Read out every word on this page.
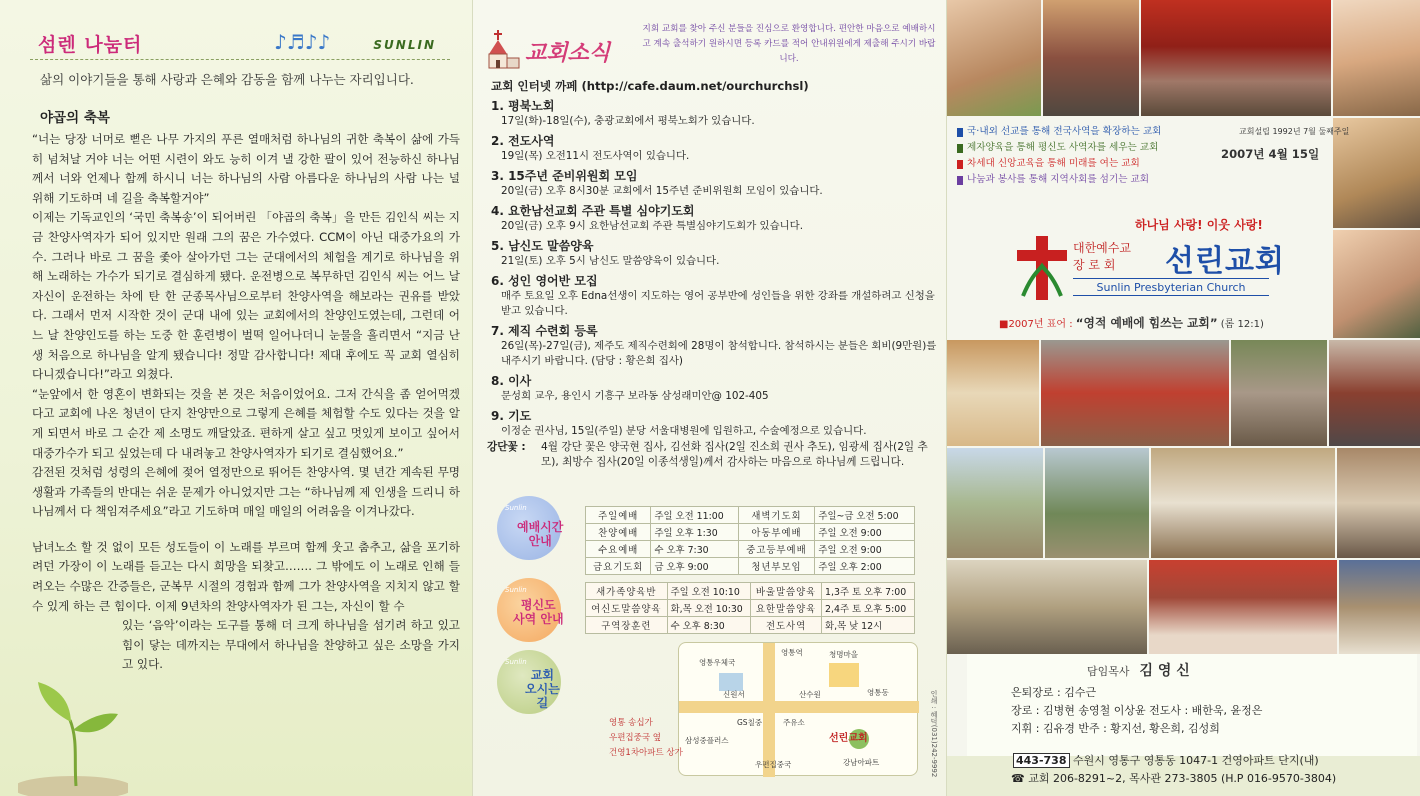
섬렌 나눔터	♪♬♪♪	SUNLIN
삶의 이야기들을 통해 사랑과 은혜와 감동을 함께 나누는 자리입니다.
야곱의 축복

“너는 당장 너머로 뻗은 나무 가지의 푸른 열매처럼 하나님의 귀한 축복이 삶에 가득히 넘쳐날 거야 너는 어떤 시련이 와도 능히 이겨 낼 강한 팔이 있어 전능하신 하나님께서 너와 언제나 함께 하시니 너는 하나님의 사람 아름다운 하나님의 사람 나는 널 위해 기도하며 네 길을 축복할거야”

이제는 기독교인의 ‘국민 축복송’이 되어버린 「야곱의 축복」을 만든 김인식 씨는 지금 찬양사역자가 되어 있지만 원래 그의 꿈은 가수였다. CCM이 아닌 대중가요의 가수. 그러나 바로 그 꿈을 좇아 살아가던 그는 군대에서의 체험을 계기로 하나님을 위해 노래하는 가수가 되기로 결심하게 됐다. 운전병으로 복무하던 김인식 씨는 어느 날 자신이 운전하는 차에 탄 한 군종목사님으로부터 찬양사역을 해보라는 권유를 받았다. 그래서 먼저 시작한 것이 군대 내에 있는 교회에서의 찬양인도였는데, 그런데 어느 날 찬양인도를 하는 도중 한 훈련병이 벌떡 일어나더니 눈물을 흘리면서 “지금 난생 처음으로 하나님을 알게 됐습니다! 정말 감사합니다! 제대 후에도 꼭 교회 열심히 다니겠습니다!”라고 외쳤다.

“눈앞에서 한 영혼이 변화되는 것을 본 것은 처음이었어요. 그저 간식을 좀 얻어먹겠다고 교회에 나온 청년이 단지 찬양만으로 그렇게 은혜를 체험할 수도 있다는 것을 알게 되면서 바로 그 순간 제 소명도 깨달았죠. 편하게 살고 싶고 멋있게 보이고 싶어서 대중가수가 되고 싶었는데 다 내려놓고 찬양사역자가 되기로 결심했어요.”

감전된 것처럼 성령의 은혜에 젖어 열정만으로 뛰어든 찬양사역. 몇 년간 계속된 무명생활과 가족들의 반대는 쉬운 문제가 아니었지만 그는 “하나님께 제 인생을 드리니 하나님께서 다 책임져주세요”라고 기도하며 매일 매일의 어려움을 이겨나갔다.

남녀노소 할 것 없이 모든 성도들이 이 노래를 부르며 함께 웃고 춤추고, 삶을 포기하려던 가장이 이 노래를 듣고는 다시 희망을 되찾고……. 그 밖에도 이 노래로 인해 들려오는 수많은 간증들은, 군복무 시절의 경험과 함께 그가 찬양사역을 지치지 않고 할 수 있게 하는 큰 힘이다. 이제 9년차의 찬양사역자가 된 그는, 자신이 할 수

있는 ‘음악’이라는 도구를 통해 더 크게 하나님을 섬기려 하고 있고 힘이 닿는 데까지는 무대에서 하나님을 찬양하고 싶은 소망을 가지고 있다.

교회소식
지회 교회를 찾아 주신 분들을 진심으로 환영합니다. 편안한 마음으로 예배하시고 계속 출석하기 원하시면 등록 카드를 적어 안내위원에게 제출해 주시기 바랍니다.
교회 인터넷 까페 (http://cafe.daum.net/ourchurchsl)
1. 평북노회
17일(화)-18일(수), 충광교회에서 평북노회가 있습니다.
2. 전도사역
19일(목) 오전11시 전도사역이 있습니다.
3. 15주년 준비위원회 모임
20일(금) 오후 8시30분 교회에서 15주년 준비위원회 모임이 있습니다.
4. 요한남선교회 주관 특별 심야기도회
20일(금) 오후 9시 요한남선교회 주관 특별심야기도회가 있습니다.
5. 남신도 말씀양육
21일(토) 오후 5시 남신도 말씀양육이 있습니다.
6. 성인 영어반 모집
매주 토요일 오후 Edna선생이 지도하는 영어 공부반에 성인들을 위한 강좌를 개설하려고 신청을 받고 있습니다.
7. 제직 수련회 등록
26일(목)-27일(금), 제주도 제직수련회에 28명이 참석합니다. 참석하시는 분들은 회비(9만원)를 내주시기 바랍니다. (담당 : 황은희 집사)
8. 이사
문성희 교우, 용인시 기흥구 보라동 삼성래미안@ 102-405
9. 기도
이정순 권사님, 15일(주일) 분당 서울대병원에 입원하고, 수술예정으로 있습니다.
강단꽃 :	4월 강단 꽃은 양국현 집사, 김선화 집사(2일 진소희 권사 추도), 임광세 집사(2일 추모), 최방수 집사(20일 이종석생일)께서 감사하는 마음으로 하나님께 드립니다.
Sunlin
예배시간
안내
주일예배	주일 오전 11:00	새벽기도회	주일~금 오전 5:00
찬양예배	주일 오후 1:30	아동부예배	주일 오전 9:00
수요예배	수 오후 7:30	중고등부예배	주일 오전 9:00
금요기도회	금 오후 9:00	청년부모임	주일 오후 2:00
Sunlin
평신도
사역 안내
새가족양육반	주일 오전 10:10	바울말씀양육	1,3주 토 오후 7:00
여신도말씀양육	화,목 오전 10:30	요한말씀양육	2,4주 토 오후 5:00
구역장훈련	수 오후 8:30	전도사역	화,목 낮 12시
Sunlin
교회
오시는
길
영통우체국
영통역
GS칠중
신원서
주유소
우편집중국
삼성중플러스
청명마을
선린교회
산수원	영통동
강남아파트
영통 송십가
우편집중국 옆
건영1차아파트 상가	인쇄 : 혜덕(031)242-9992
국·내외 선교를 통해 전국사역을 확장하는 교회
제자양육을 통해 평신도 사역자를 세우는 교회
차세대 신앙교육을 통해 미래를 여는 교회
나눔과 봉사를 통해 지역사회를 섬기는 교회
교회설립 1992년 7월 둘째주일
2007년 4월 15일
하나님 사랑! 이웃 사랑!
대한예수교
장 로 회	선린교회
Sunlin Presbyterian Church
■2007년 표어 : “영적 예배에 힘쓰는 교회” (롬 12:1)
담임목사 김 영 신
은퇴장로 : 김수근
장로 : 김병현 송영철 이상윤 전도사 : 배한욱, 윤정은
지휘 : 김유경 반주 : 황지선, 황은희, 김성희
443-738 수원시 영통구 영통동 1047-1 건영아파트 단지(내)
☎ 교회 206-8291~2, 목사관 273-3805 (H.P 016-9570-3804)
